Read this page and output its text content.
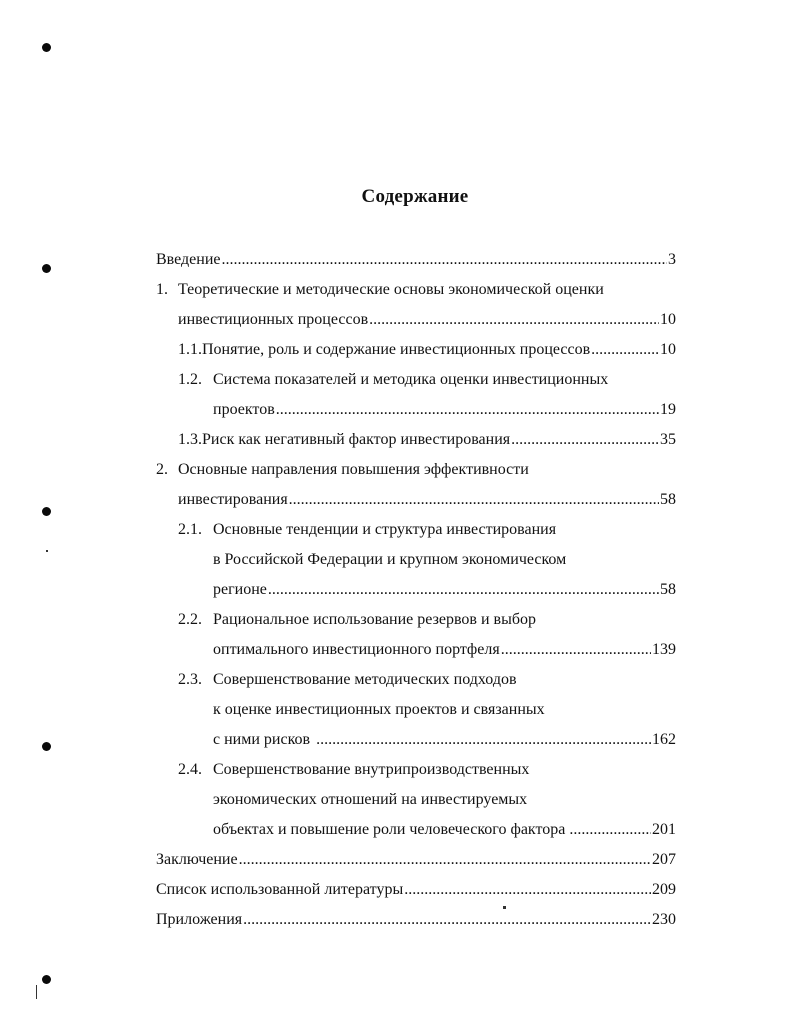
Содержание
Введение .....	3
1. Теоретические и методические основы экономической оценки
инвестиционных процессов .....	10
1.1. Понятие, роль и содержание инвестиционных процессов .....	10
1.2. Система показателей и методика оценки инвестиционных
проектов .....	19
1.3. Риск как негативный фактор инвестирования .....	35
2. Основные направления повышения эффективности
инвестирования .....	58
2.1. Основные тенденции и структура инвестирования
в Российской Федерации и крупном экономическом
регионе .....	58
2.2. Рациональное использование резервов и выбор
оптимального инвестиционного портфеля .....	139
2.3. Совершенствование методических подходов
к оценке инвестиционных проектов и связанных
с ними рисков .....	162
2.4. Совершенствование внутрипроизводственных
экономических отношений на инвестируемых
объектах и повышение роли человеческого фактора .....	201
Заключение .....	207
Список использованной литературы .....	209
Приложения .....	230
